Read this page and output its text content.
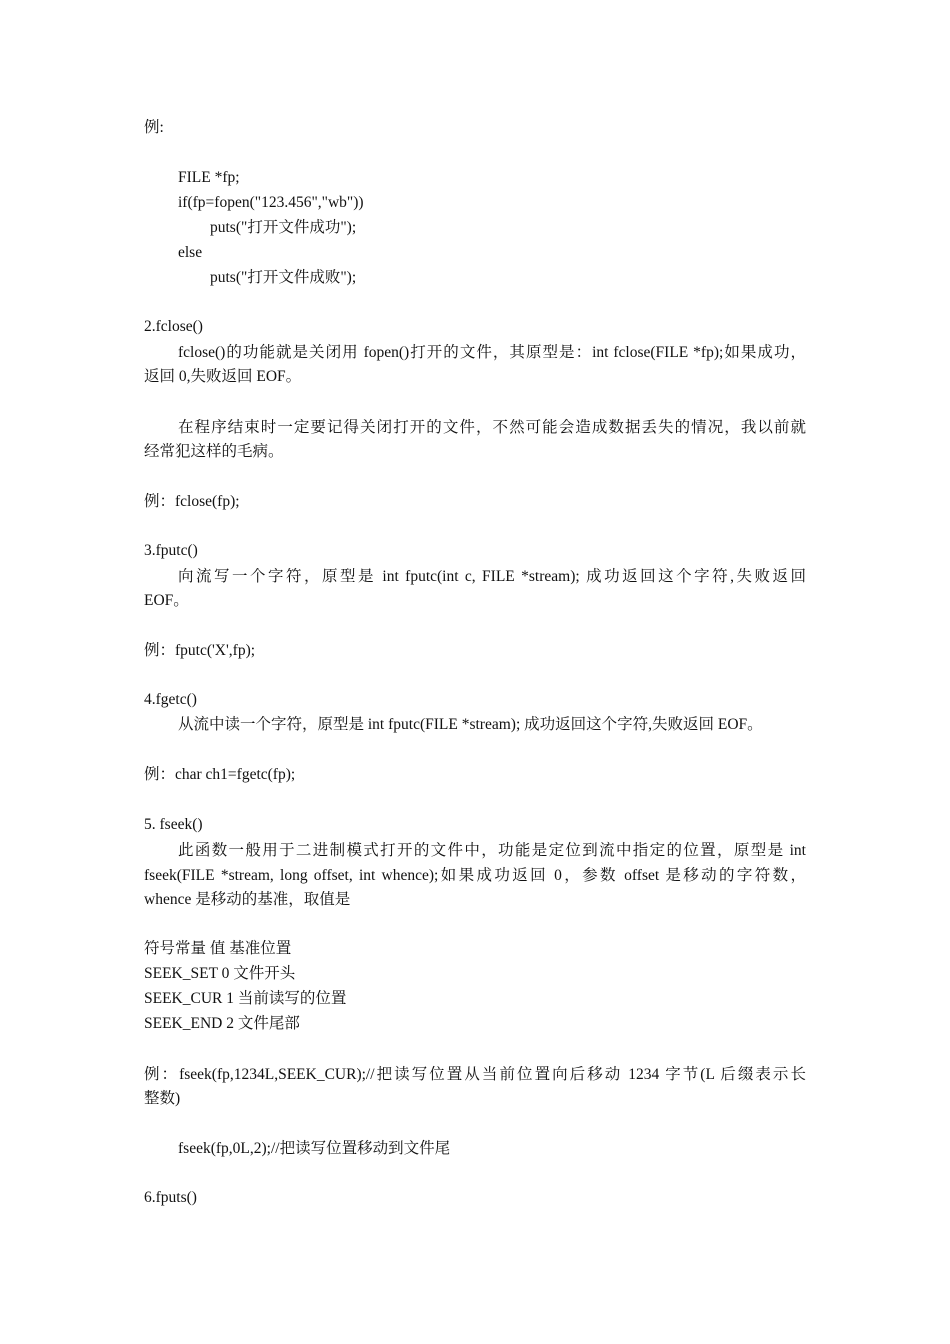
例:
FILE *fp;
if(fp=fopen("123.456","wb"))
puts("打开文件成功");
else
puts("打开文件成败");
2.fclose()
fclose()的功能就是关闭用 fopen()打开的文件，其原型是：int fclose(FILE *fp);如果成功，
返回 0,失败返回 EOF。
在程序结束时一定要记得关闭打开的文件，不然可能会造成数据丢失的情况，我以前就
经常犯这样的毛病。
例：fclose(fp);
3.fputc()
向流写一个字符，原型是 int fputc(int c, FILE *stream); 成功返回这个字符,失败返回
EOF。
例：fputc('X',fp);
4.fgetc()
从流中读一个字符，原型是 int fputc(FILE *stream); 成功返回这个字符,失败返回 EOF。
例：char ch1=fgetc(fp);
5. fseek()
此函数一般用于二进制模式打开的文件中，功能是定位到流中指定的位置，原型是 int
fseek(FILE *stream, long offset, int whence);如果成功返回 0，参数 offset 是移动的字符数，
whence 是移动的基准，取值是
符号常量 值 基准位置
SEEK_SET 0 文件开头
SEEK_CUR 1 当前读写的位置
SEEK_END 2 文件尾部
例：fseek(fp,1234L,SEEK_CUR);//把读写位置从当前位置向后移动 1234 字节(L 后缀表示长
整数)
fseek(fp,0L,2);//把读写位置移动到文件尾
6.fputs()
